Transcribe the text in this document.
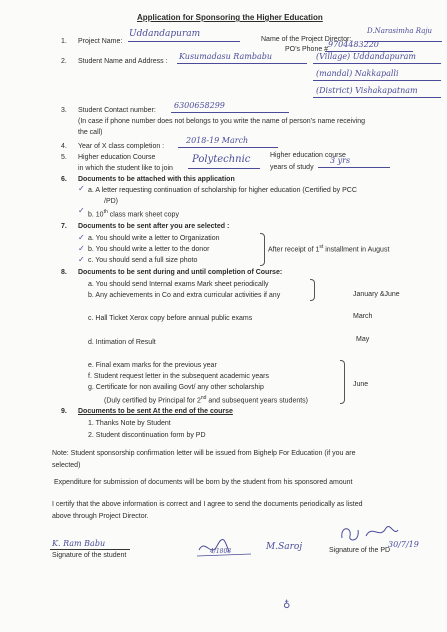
Application for Sponsoring the Higher Education
1. Project Name:
Uddandapuram
Name of the Project Director:
D.Narasimha Raju
PO’s Phone #
9704483220
2. Student Name and Address :
Kusumadasu Rambabu	(Village) Uddandapuram
(mandal) Nakkapalli
(District) Vishakapatnam
3. Student Contact number:
6300658299
(In case if phone number does not belongs to you write the name of person’s name receiving
the call)
4. Year of X class completion :
2018-19 March
5. Higher education Course
in which the student like to join
Polytechnic	Higher education course
years of study
3 yrs
6. Documents to be attached with this application
✓ a. A letter requesting continuation of scholarship for higher education (Certified by PCC
/PD)
✓ b. 10th class mark sheet copy
7. Documents to be sent after you are selected :
✓ a. You should write a letter to Organization
✓ b. You should write a letter to the donor
✓ c. You should send a full size photo
After receipt of 1st installment in August
8. Documents to be sent during and until completion of Course:
a. You should send Internal exams Mark sheet periodically
b. Any achievements in Co and extra curricular activities if any	January &June
c. Hall Ticket Xerox copy before annual public exams	March
d. Intimation of Result	May
e. Final exam marks for the previous year
f. Student request letter in the subsequent academic years
g. Certificate for non availing Govt/ any other scholarship
(Duly certified by Principal for 2nd and subsequent years students)
June
9. Documents to be sent At the end of the course
1. Thanks Note by Student
2. Student discontinuation form by PD
Note: Student sponsorship confirmation letter will be issued from Bighelp For Education (if you are
selected)
Expenditure for submission of documents will be born by the student from his sponsored amount
I certify that the above information is correct and I agree to send the documents periodically as listed
above through Project Director.
K. Ram Babu
Signature of the student
4/1808	M.Saroj	Signature of the PD
30/7/19
♁
